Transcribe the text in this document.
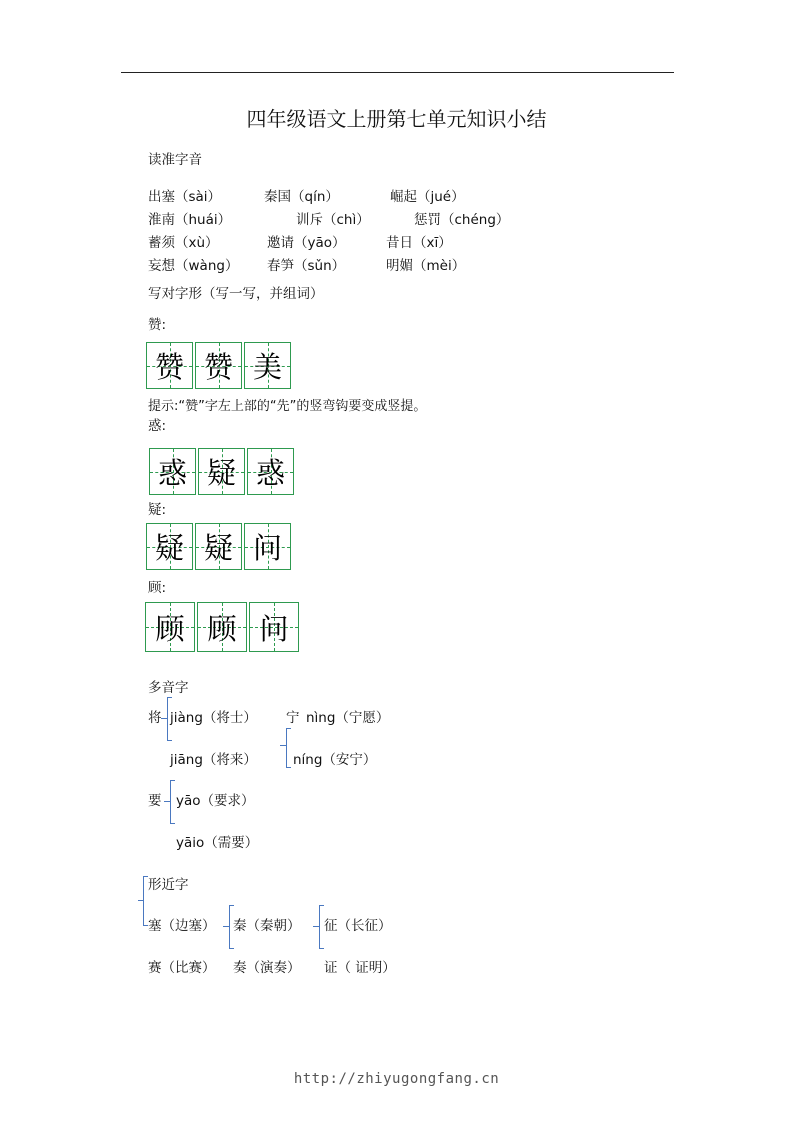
四年级语文上册第七单元知识小结
读准字音
出塞（sài）	秦国（qín）	崛起（jué）
淮南（huái）	训斥（chì）	惩罚（chéng）
蓄须（xù）	邀请（yāo）	昔日（xī）
妄想（wàng） 春笋（sǔn）	明媚（mèi）
写对字形（写一写，并组词）
赞:
赞 赞 美
提示:“赞”字左上部的“先”的竖弯钩要变成竖提。
惑:
惑 疑 惑
疑:
疑 疑 问
顾:
顾 顾 问
多音字
将 jiàng（将士）
jiāng（将来）
宁 nìng（宁愿）
níng（安宁）
要 yāo（要求）
yāio（需要）
形近字
塞（边塞） 秦（秦朝） 征（长征）
赛（比赛） 奏（演奏） 证（ 证明）
http://zhiyugongfang.cn
